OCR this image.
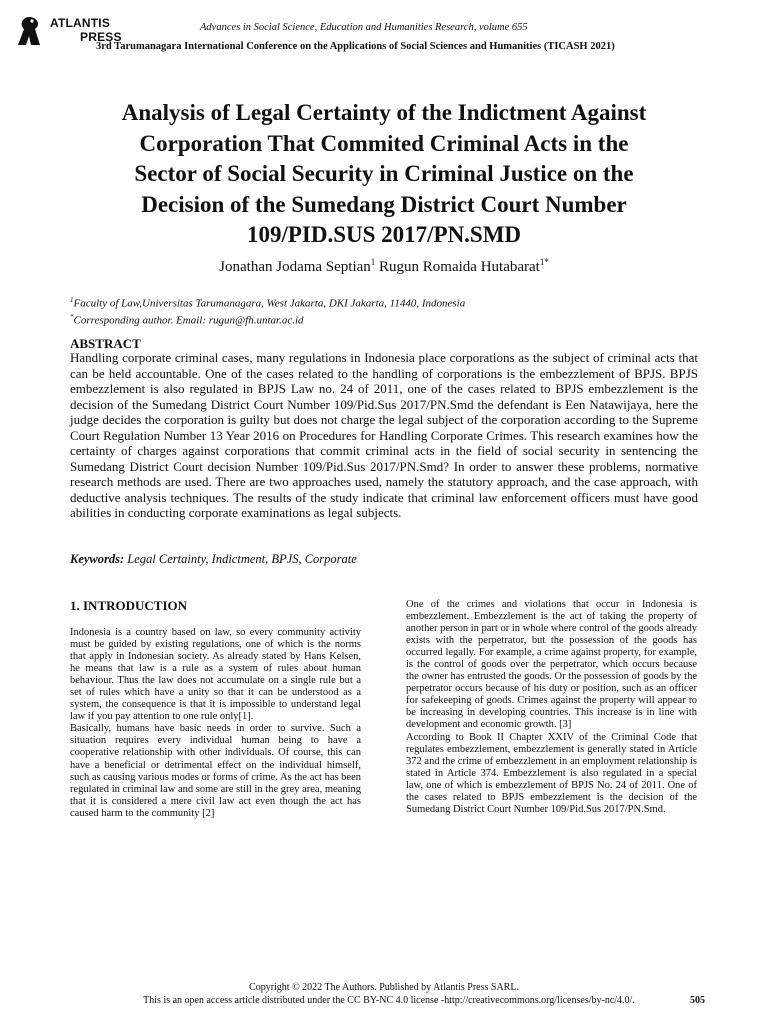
ATLANTIS
PRESS
Advances in Social Science, Education and Humanities Research, volume 655
3rd Tarumanagara International Conference on the Applications of Social Sciences and Humanities (TICASH 2021)
Analysis of Legal Certainty of the Indictment Against
Corporation That Commited Criminal Acts in the
Sector of Social Security in Criminal Justice on the
Decision of the Sumedang District Court Number
109/PID.SUS 2017/PN.SMD
Jonathan Jodama Septian$^1$ Rugun Romaida Hutabarat$^{1*}$
$^1$Faculty of Law,Universitas Tarumanagara, West Jakarta, DKI Jakarta, 11440, Indonesia
*Corresponding author. Email: rugun@fh.untar.ac.id
ABSTRACT
Handling corporate criminal cases, many regulations in Indonesia place corporations as the subject of criminal acts that can be held accountable. One of the cases related to the handling of corporations is the embezzlement of BPJS. BPJS embezzlement is also regulated in BPJS Law no. 24 of 2011, one of the cases related to BPJS embezzlement is the decision of the Sumedang District Court Number 109/Pid.Sus 2017/PN.Smd the defendant is Een Natawijaya, here the judge decides the corporation is guilty but does not charge the legal subject of the corporation according to the Supreme Court Regulation Number 13 Year 2016 on Procedures for Handling Corporate Crimes. This research examines how the certainty of charges against corporations that commit criminal acts in the field of social security in sentencing the Sumedang District Court decision Number 109/Pid.Sus 2017/PN.Smd? In order to answer these problems, normative research methods are used. There are two approaches used, namely the statutory approach, and the case approach, with deductive analysis techniques. The results of the study indicate that criminal law enforcement officers must have good abilities in conducting corporate examinations as legal subjects.
Keywords: Legal Certainty, Indictment, BPJS, Corporate
1. INTRODUCTION

Indonesia is a country based on law, so every community activity must be guided by existing regulations, one of which is the norms that apply in Indonesian society. As already stated by Hans Kelsen, he means that law is a rule as a system of rules about human behaviour. Thus the law does not accumulate on a single rule but a set of rules which have a unity so that it can be understood as a system, the consequence is that it is impossible to understand legal law if you pay attention to one rule only[1].

Basically, humans have basic needs in order to survive. Such a situation requires every individual human being to have a cooperative relationship with other individuals. Of course, this can have a beneficial or detrimental effect on the individual himself, such as causing various modes or forms of crime. As the act has been regulated in criminal law and some are still in the grey area, meaning that it is considered a mere civil law act even though the act has caused harm to the community [2]

One of the crimes and violations that occur in Indonesia is embezzlement. Embezzlement is the act of taking the property of another person in part or in whole where control of the goods already exists with the perpetrator, but the possession of the goods has occurred legally. For example, a crime against property, for example, is the control of goods over the perpetrator, which occurs because the owner has entrusted the goods. Or the possession of goods by the perpetrator occurs because of his duty or position, such as an officer for safekeeping of goods. Crimes against the property will appear to be increasing in developing countries. This increase is in line with development and economic growth. [3]

According to Book II Chapter XXIV of the Criminal Code that regulates embezzlement, embezzlement is generally stated in Article 372 and the crime of embezzlement in an employment relationship is stated in Article 374. Embezzlement is also regulated in a special law, one of which is embezzlement of BPJS No. 24 of 2011. One of the cases related to BPJS embezzlement is the decision of the Sumedang District Court Number 109/Pid.Sus 2017/PN.Smd.

Copyright © 2022 The Authors. Published by Atlantis Press SARL.
This is an open access article distributed under the CC BY-NC 4.0 license -http://creativecommons.org/licenses/by-nc/4.0/.	505
